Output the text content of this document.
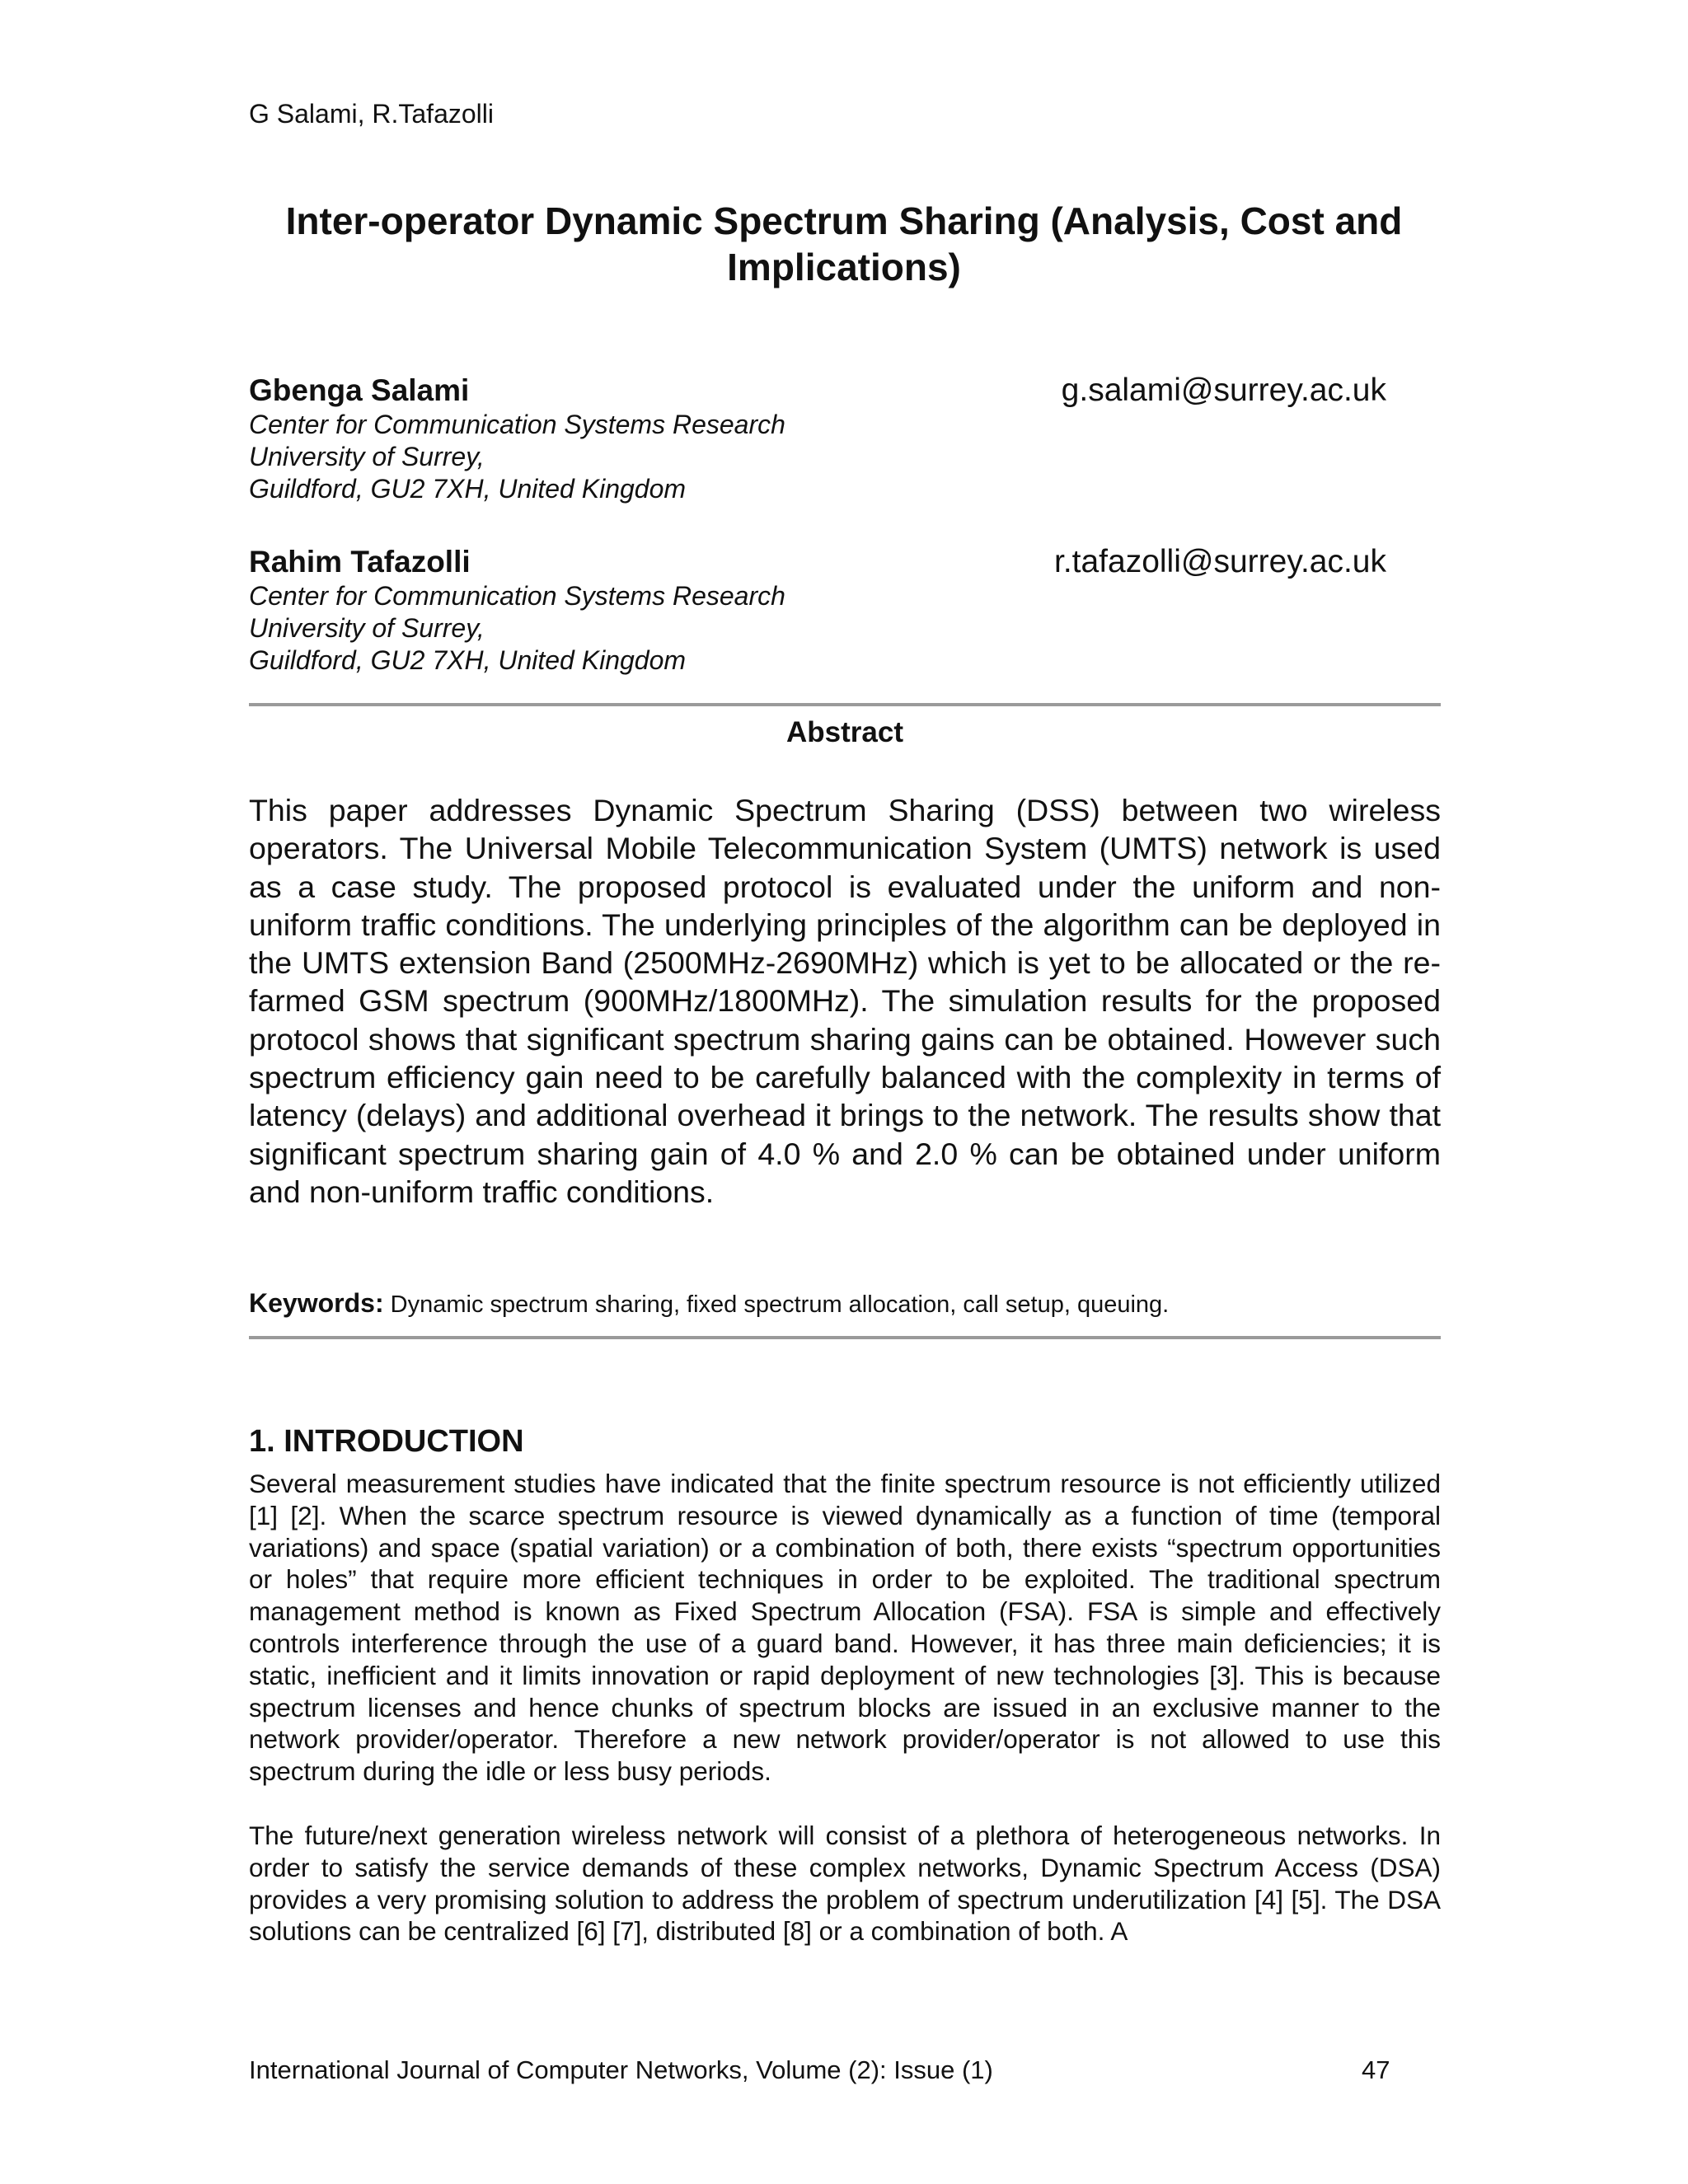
G Salami, R.Tafazolli
Inter-operator Dynamic Spectrum Sharing (Analysis, Cost and Implications)
Gbenga Salami	g.salami@surrey.ac.uk
Center for Communication Systems Research
University of Surrey,
Guildford, GU2 7XH, United Kingdom
Rahim Tafazolli	r.tafazolli@surrey.ac.uk
Center for Communication Systems Research
University of Surrey,
Guildford, GU2 7XH, United Kingdom
Abstract

This paper addresses Dynamic Spectrum Sharing (DSS) between two wireless operators. The Universal Mobile Telecommunication System (UMTS) network is used as a case study. The proposed protocol is evaluated under the uniform and non-uniform traffic conditions. The underlying principles of the algorithm can be deployed in the UMTS extension Band (2500MHz-2690MHz) which is yet to be allocated or the re-farmed GSM spectrum (900MHz/1800MHz). The simulation results for the proposed protocol shows that significant spectrum sharing gains can be obtained. However such spectrum efficiency gain need to be carefully balanced with the complexity in terms of latency (delays) and additional overhead it brings to the network. The results show that significant spectrum sharing gain of 4.0 % and 2.0 % can be obtained under uniform and non-uniform traffic conditions.

Keywords: Dynamic spectrum sharing, fixed spectrum allocation, call setup, queuing.
1. INTRODUCTION

Several measurement studies have indicated that the finite spectrum resource is not efficiently utilized [1] [2]. When the scarce spectrum resource is viewed dynamically as a function of time (temporal variations) and space (spatial variation) or a combination of both, there exists “spectrum opportunities or holes” that require more efficient techniques in order to be exploited. The traditional spectrum management method is known as Fixed Spectrum Allocation (FSA). FSA is simple and effectively controls interference through the use of a guard band. However, it has three main deficiencies; it is static, inefficient and it limits innovation or rapid deployment of new technologies [3]. This is because spectrum licenses and hence chunks of spectrum blocks are issued in an exclusive manner to the network provider/operator. Therefore a new network provider/operator is not allowed to use this spectrum during the idle or less busy periods.

The future/next generation wireless network will consist of a plethora of heterogeneous networks. In order to satisfy the service demands of these complex networks, Dynamic Spectrum Access (DSA) provides a very promising solution to address the problem of spectrum underutilization [4] [5]. The DSA solutions can be centralized [6] [7], distributed [8] or a combination of both. A

International Journal of Computer Networks, Volume (2): Issue (1)	47
